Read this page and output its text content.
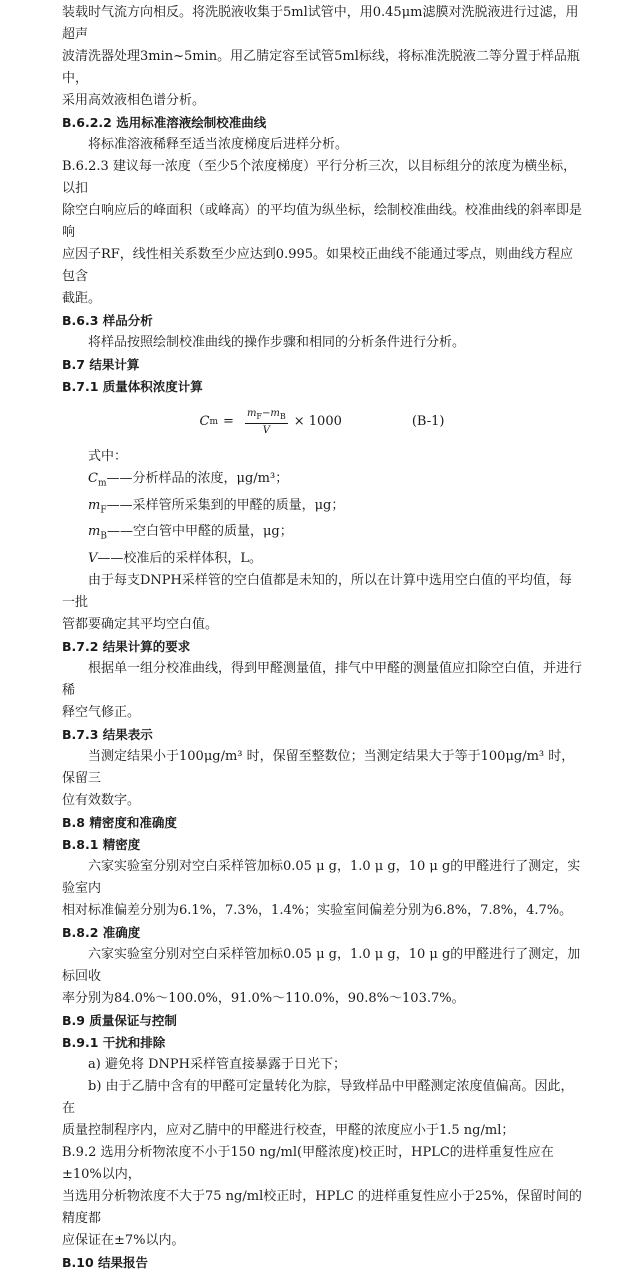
装载时气流方向相反。将洗脱液收集于5ml试管中，用0.45μm滤膜对洗脱液进行过滤，用超声

波清洗器处理3min~5min。用乙腈定容至试管5ml标线，将标准洗脱液二等分置于样品瓶中，

采用高效液相色谱分析。

B.6.2.2 选用标准溶液绘制校准曲线

将标准溶液稀释至适当浓度梯度后进样分析。

B.6.2.3 建议每一浓度（至少5个浓度梯度）平行分析三次，以目标组分的浓度为横坐标，以扣

除空白响应后的峰面积（或峰高）的平均值为纵坐标，绘制校准曲线。校准曲线的斜率即是响

应因子RF，线性相关系数至少应达到0.995。如果校正曲线不能通过零点，则曲线方程应包含

截距。

B.6.3 样品分析

将样品按照绘制校准曲线的操作步骤和相同的分析条件进行分析。

B.7 结果计算

B.7.1 质量体积浓度计算

C $m = \frac{m_F-m_B}{V} \times 1000$	(B-1)

式中：

$C_m——$分析样品的浓度，μg/m³；

$m_F——$采样管所采集到的甲醛的质量，μg；

$m_B——$空白管中甲醛的质量，μg；

V——校准后的采样体积，L。

由于每支DNPH采样管的空白值都是未知的，所以在计算中选用空白值的平均值，每一批

管都要确定其平均空白值。

B.7.2 结果计算的要求

根据单一组分校准曲线，得到甲醛测量值，排气中甲醛的测量值应扣除空白值，并进行稀

释空气修正。

B.7.3 结果表示

当测定结果小于100μg/m³ 时，保留至整数位；当测定结果大于等于100μg/m³ 时，保留三

位有效数字。

B.8 精密度和准确度

B.8.1 精密度

六家实验室分别对空白采样管加标0.05 μ g，1.0 μ g，10 μ g的甲醛进行了测定，实验室内

相对标准偏差分别为6.1%，7.3%，1.4%；实验室间偏差分别为6.8%，7.8%，4.7%。

B.8.2 准确度

六家实验室分别对空白采样管加标0.05 μ g，1.0 μ g，10 μ g的甲醛进行了测定，加标回收

率分别为84.0%～100.0%，91.0%～110.0%，90.8%～103.7%。

B.9 质量保证与控制

B.9.1 干扰和排除

a) 避免将 DNPH采样管直接暴露于日光下；

b) 由于乙腈中含有的甲醛可定量转化为腙，导致样品中甲醛测定浓度值偏高。因此，在

质量控制程序内，应对乙腈中的甲醛进行校查，甲醛的浓度应小于1.5 ng/ml；

B.9.2 选用分析物浓度不小于150 ng/ml(甲醛浓度)校正时，HPLC的进样重复性应在±10%以内，

当选用分析物浓度不大于75 ng/ml校正时，HPLC 的进样重复性应小于25%，保留时间的精度都

应保证在±7%以内。

B.10 结果报告
